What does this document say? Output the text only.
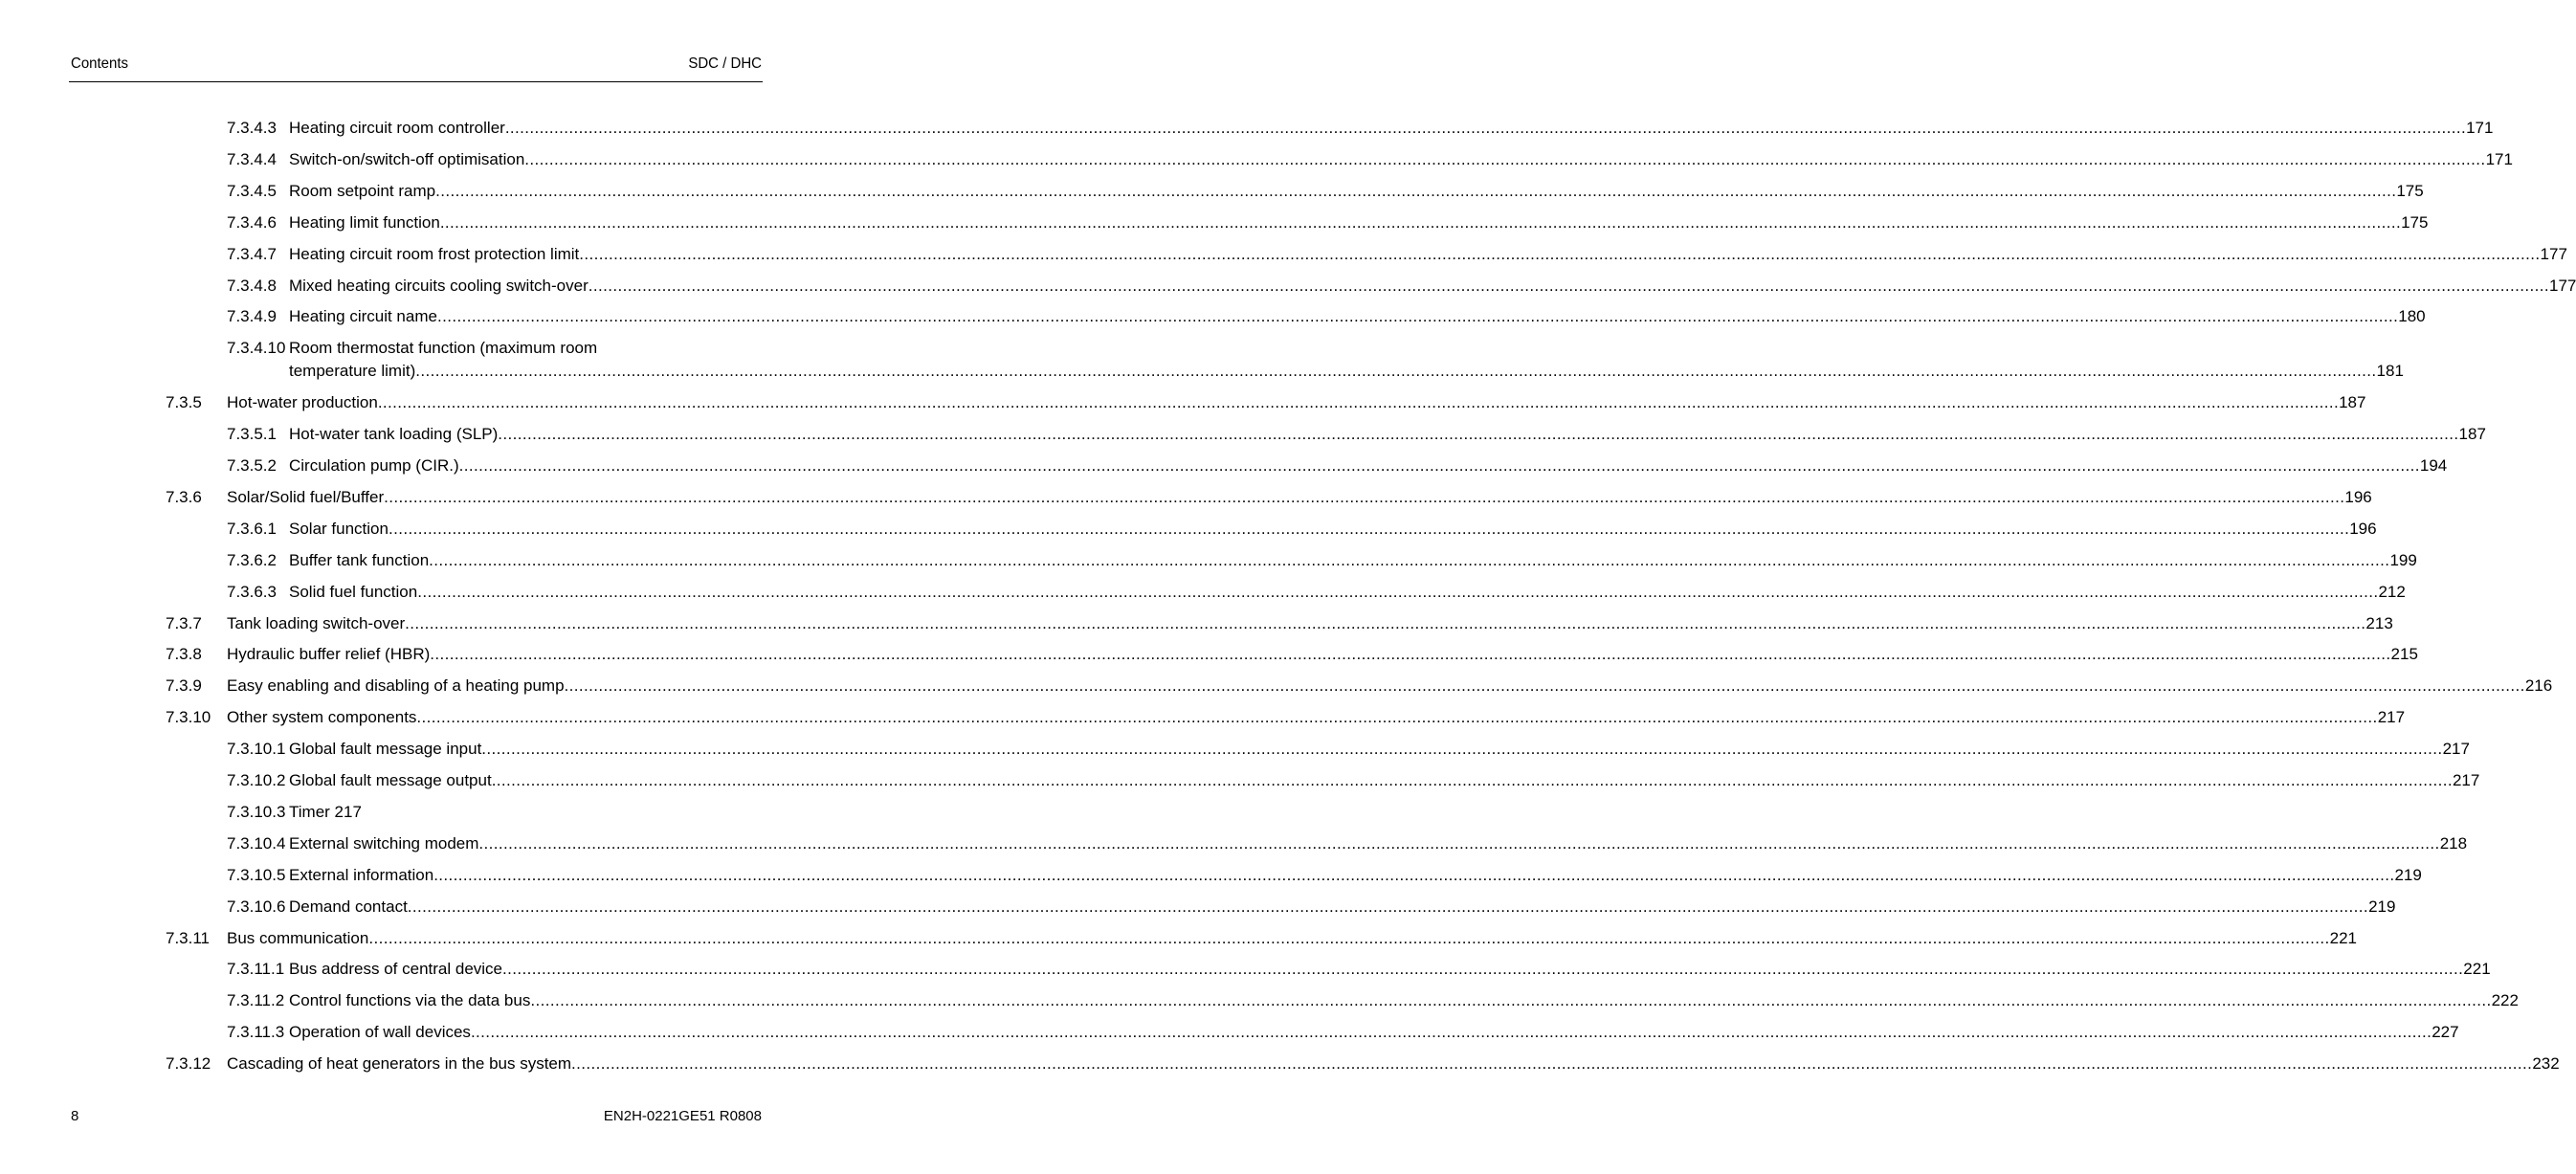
Contents	SDC / DHC
7.3.4.3 Heating circuit room controller ................................................................................................................................................................................................................................................................................................................................................................................................................ 171
7.3.4.4 Switch-on/switch-off optimisation ................................................................................................................................................................................................................................................................................................................................................................................................................ 171
7.3.4.5 Room setpoint ramp ................................................................................................................................................................................................................................................................................................................................................................................................................ 175
7.3.4.6 Heating limit function ................................................................................................................................................................................................................................................................................................................................................................................................................ 175
7.3.4.7 Heating circuit room frost protection limit ................................................................................................................................................................................................................................................................................................................................................................................................................ 177
7.3.4.8 Mixed heating circuits cooling switch-over ................................................................................................................................................................................................................................................................................................................................................................................................................ 177
7.3.4.9 Heating circuit name ................................................................................................................................................................................................................................................................................................................................................................................................................ 180
7.3.4.10 Room thermostat function (maximum room
temperature limit) ................................................................................................................................................................................................................................................................................................................................................................................................................ 181
7.3.5 Hot-water production ................................................................................................................................................................................................................................................................................................................................................................................................................ 187
7.3.5.1 Hot-water tank loading (SLP) ................................................................................................................................................................................................................................................................................................................................................................................................................ 187
7.3.5.2 Circulation pump (CIR.) ................................................................................................................................................................................................................................................................................................................................................................................................................ 194
7.3.6 Solar/Solid fuel/Buffer ................................................................................................................................................................................................................................................................................................................................................................................................................ 196
7.3.6.1 Solar function ................................................................................................................................................................................................................................................................................................................................................................................................................ 196
7.3.6.2 Buffer tank function ................................................................................................................................................................................................................................................................................................................................................................................................................ 199
7.3.6.3 Solid fuel function ................................................................................................................................................................................................................................................................................................................................................................................................................ 212
7.3.7 Tank loading switch-over ................................................................................................................................................................................................................................................................................................................................................................................................................ 213
7.3.8 Hydraulic buffer relief (HBR) ................................................................................................................................................................................................................................................................................................................................................................................................................ 215
7.3.9 Easy enabling and disabling of a heating pump ................................................................................................................................................................................................................................................................................................................................................................................................................ 216
7.3.10 Other system components ................................................................................................................................................................................................................................................................................................................................................................................................................ 217
7.3.10.1 Global fault message input ................................................................................................................................................................................................................................................................................................................................................................................................................ 217
7.3.10.2 Global fault message output ................................................................................................................................................................................................................................................................................................................................................................................................................ 217
7.3.10.3 Timer 217
7.3.10.4 External switching modem ................................................................................................................................................................................................................................................................................................................................................................................................................ 218
7.3.10.5 External information ................................................................................................................................................................................................................................................................................................................................................................................................................ 219
7.3.10.6 Demand contact ................................................................................................................................................................................................................................................................................................................................................................................................................ 219
7.3.11 Bus communication ................................................................................................................................................................................................................................................................................................................................................................................................................ 221
7.3.11.1 Bus address of central device ................................................................................................................................................................................................................................................................................................................................................................................................................ 221
7.3.11.2 Control functions via the data bus ................................................................................................................................................................................................................................................................................................................................................................................................................ 222
7.3.11.3 Operation of wall devices ................................................................................................................................................................................................................................................................................................................................................................................................................ 227
7.3.12 Cascading of heat generators in the bus system ................................................................................................................................................................................................................................................................................................................................................................................................................ 232
8	EN2H-0221GE51 R0808
